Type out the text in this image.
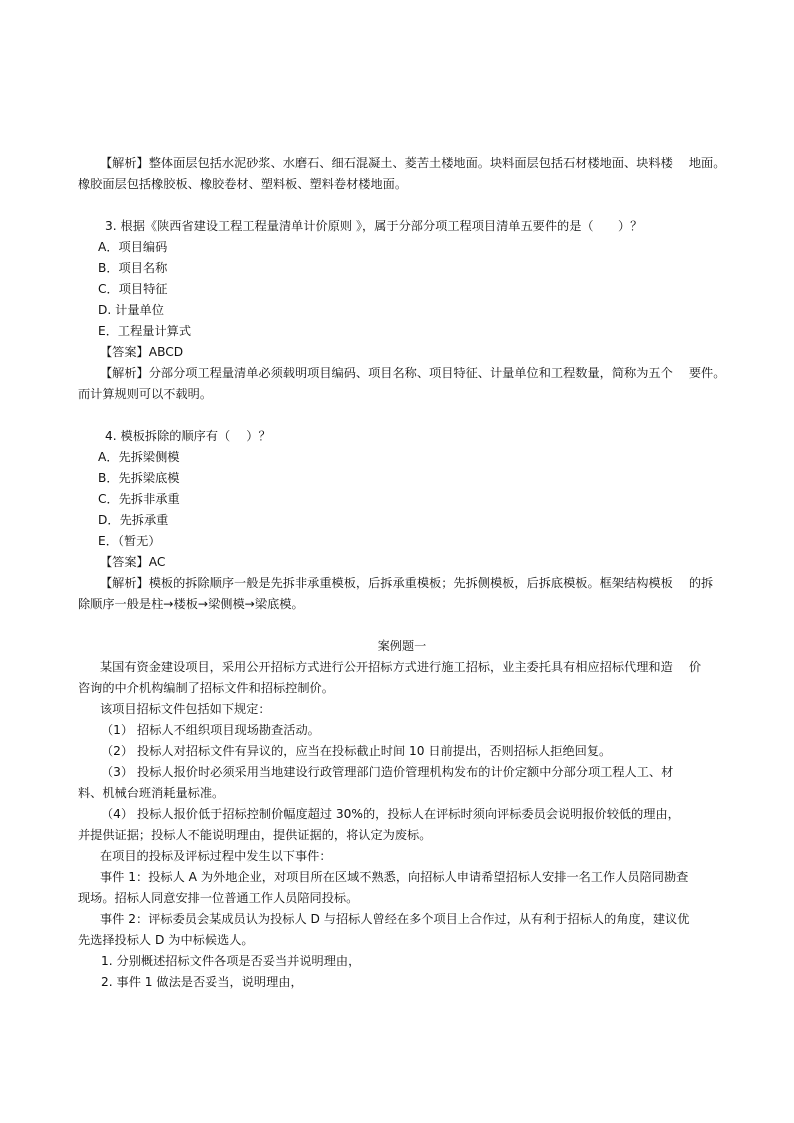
【解析】整体面层包括水泥砂浆、水磨石、细石混凝土、菱苦土楼地面。块料面层包括石材楼地面、块料楼　 地面。

橡胶面层包括橡胶板、橡胶卷材、塑料板、塑料卷材楼地面。

3. 根据《陕西省建设工程工程量清单计价原则 》，属于分部分项工程项目清单五要件的是（　　）？

A．项目编码

B．项目名称

C．项目特征

D. 计量单位

E．工程量计算式

【答案】ABCD

【解析】分部分项工程量清单必须载明项目编码、项目名称、项目特征、计量单位和工程数量，简称为五个　 要件。

而计算规则可以不载明。

4. 模板拆除的顺序有（　 ）？

A．先拆梁侧模

B．先拆梁底模

C．先拆非承重

D．先拆承重

E．（暂无）

【答案】AC

【解析】模板的拆除顺序一般是先拆非承重模板，后拆承重模板；先拆侧模板，后拆底模板。框架结构模板　 的拆

除顺序一般是柱→楼板→梁侧模→梁底模。

案例题一

某国有资金建设项目，采用公开招标方式进行公开招标方式进行施工招标，业主委托具有相应招标代理和造　 价

咨询的中介机构编制了招标文件和招标控制价。

该项目招标文件包括如下规定：

（1） 招标人不组织项目现场勘查活动。

（2） 投标人对招标文件有异议的，应当在投标截止时间 10 日前提出，否则招标人拒绝回复。

（3） 投标人报价时必须采用当地建设行政管理部门造价管理机构发布的计价定额中分部分项工程人工、材

料、机械台班消耗量标准。

（4） 投标人报价低于招标控制价幅度超过 30%的，投标人在评标时须向评标委员会说明报价较低的理由，

并提供证据；投标人不能说明理由，提供证据的，将认定为废标。

在项目的投标及评标过程中发生以下事件：

事件 1：投标人 A 为外地企业，对项目所在区域不熟悉，向招标人申请希望招标人安排一名工作人员陪同勘查

现场。招标人同意安排一位普通工作人员陪同投标。

事件 2：评标委员会某成员认为投标人 D 与招标人曾经在多个项目上合作过，从有利于招标人的角度，建议优

先选择投标人 D 为中标候选人。

1. 分别概述招标文件各项是否妥当并说明理由，

2. 事件 1 做法是否妥当，说明理由，
